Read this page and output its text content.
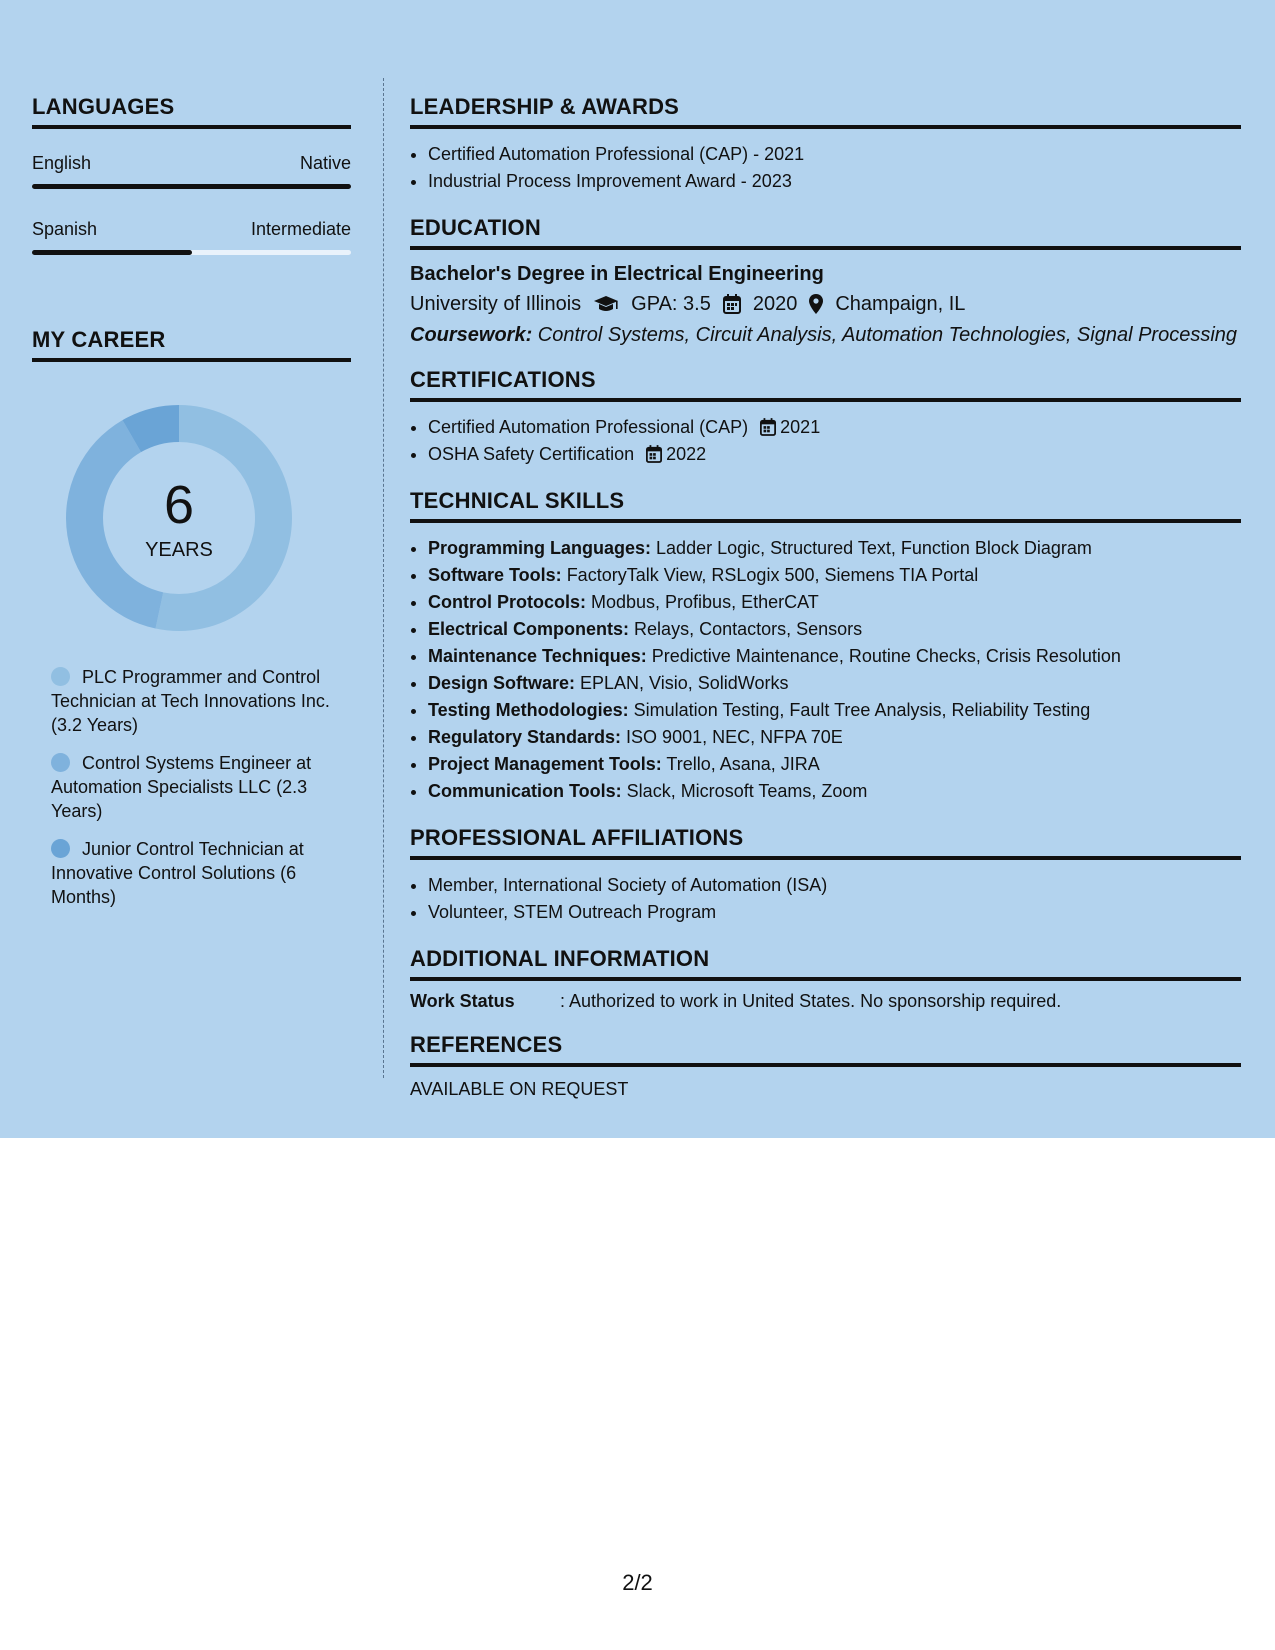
LANGUAGES
English	Native
Spanish	Intermediate
MY CAREER
6
YEARS
PLC Programmer and Control Technician at Tech Innovations Inc. (3.2 Years)
Control Systems Engineer at Automation Specialists LLC (2.3 Years)
Junior Control Technician at Innovative Control Solutions (6 Months)
LEADERSHIP & AWARDS
• Certified Automation Professional (CAP) - 2021
• Industrial Process Improvement Award - 2023
EDUCATION
Bachelor's Degree in Electrical Engineering
University of Illinois	GPA: 3.5 2020 Champaign, IL
Coursework: Control Systems, Circuit Analysis, Automation Technologies, Signal Processing
CERTIFICATIONS
• Certified Automation Professional (CAP) 2021
• OSHA Safety Certification 2022
TECHNICAL SKILLS
• Programming Languages: Ladder Logic, Structured Text, Function Block Diagram
• Software Tools: FactoryTalk View, RSLogix 500, Siemens TIA Portal
• Control Protocols: Modbus, Profibus, EtherCAT
• Electrical Components: Relays, Contactors, Sensors
• Maintenance Techniques: Predictive Maintenance, Routine Checks, Crisis Resolution
• Design Software: EPLAN, Visio, SolidWorks
• Testing Methodologies: Simulation Testing, Fault Tree Analysis, Reliability Testing
• Regulatory Standards: ISO 9001, NEC, NFPA 70E
• Project Management Tools: Trello, Asana, JIRA
• Communication Tools: Slack, Microsoft Teams, Zoom
PROFESSIONAL AFFILIATIONS
• Member, International Society of Automation (ISA)
• Volunteer, STEM Outreach Program
ADDITIONAL INFORMATION
Work Status	: Authorized to work in United States. No sponsorship required.
REFERENCES
AVAILABLE ON REQUEST
2/2
